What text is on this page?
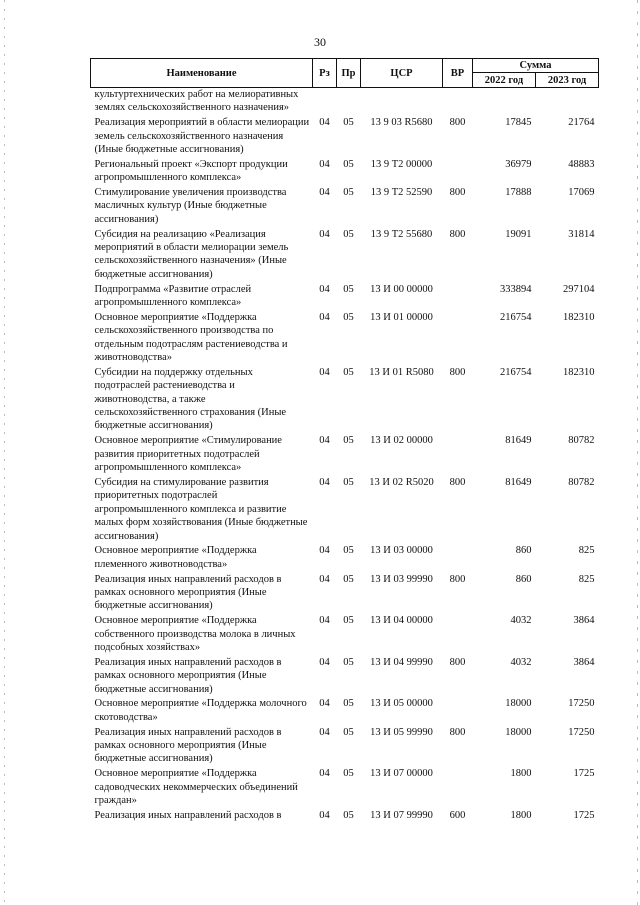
30
Наименование	Рз	Пр	ЦСР	ВР	Сумма	
					2022 год	2023 год
культуртехнических работ на мелиоративных землях сельскохозяйственного назначения»						
Реализация мероприятий в области мелиорации земель сельскохозяйственного назначения (Иные бюджетные ассигнования)	04	05	13 9 03 R5680	800	17845	21764
Региональный проект «Экспорт продукции агропромышленного комплекса»	04	05	13 9 Т2 00000		36979	48883
Стимулирование увеличения производства масличных культур (Иные бюджетные ассигнования)	04	05	13 9 Т2 52590	800	17888	17069
Субсидия на реализацию «Реализация мероприятий в области мелиорации земель сельскохозяйственного назначения» (Иные бюджетные ассигнования)	04	05	13 9 Т2 55680	800	19091	31814
Подпрограмма «Развитие отраслей агропромышленного комплекса»	04	05	13 И 00 00000		333894	297104
Основное мероприятие «Поддержка сельскохозяйственного производства по отдельным подотраслям растениеводства и животноводства»	04	05	13 И 01 00000		216754	182310
Субсидии на поддержку отдельных подотраслей растениеводства и животноводства, а также сельскохозяйственного страхования (Иные бюджетные ассигнования)	04	05	13 И 01 R5080	800	216754	182310
Основное мероприятие «Стимулирование развития приоритетных подотраслей агропромышленного комплекса»	04	05	13 И 02 00000		81649	80782
Субсидия на стимулирование развития приоритетных подотраслей агропромышленного комплекса и развитие малых форм хозяйствования (Иные бюджетные ассигнования)	04	05	13 И 02 R5020	800	81649	80782
Основное мероприятие «Поддержка племенного животноводства»	04	05	13 И 03 00000		860	825
Реализация иных направлений расходов в рамках основного мероприятия (Иные бюджетные ассигнования)	04	05	13 И 03 99990	800	860	825
Основное мероприятие «Поддержка собственного производства молока в личных подсобных хозяйствах»	04	05	13 И 04 00000		4032	3864
Реализация иных направлений расходов в рамках основного мероприятия (Иные бюджетные ассигнования)	04	05	13 И 04 99990	800	4032	3864
Основное мероприятие «Поддержка молочного скотоводства»	04	05	13 И 05 00000		18000	17250
Реализация иных направлений расходов в рамках основного мероприятия (Иные бюджетные ассигнования)	04	05	13 И 05 99990	800	18000	17250
Основное мероприятие «Поддержка садоводческих некоммерческих объединений граждан»	04	05	13 И 07 00000		1800	1725
Реализация иных направлений расходов в	04	05	13 И 07 99990	600	1800	1725
